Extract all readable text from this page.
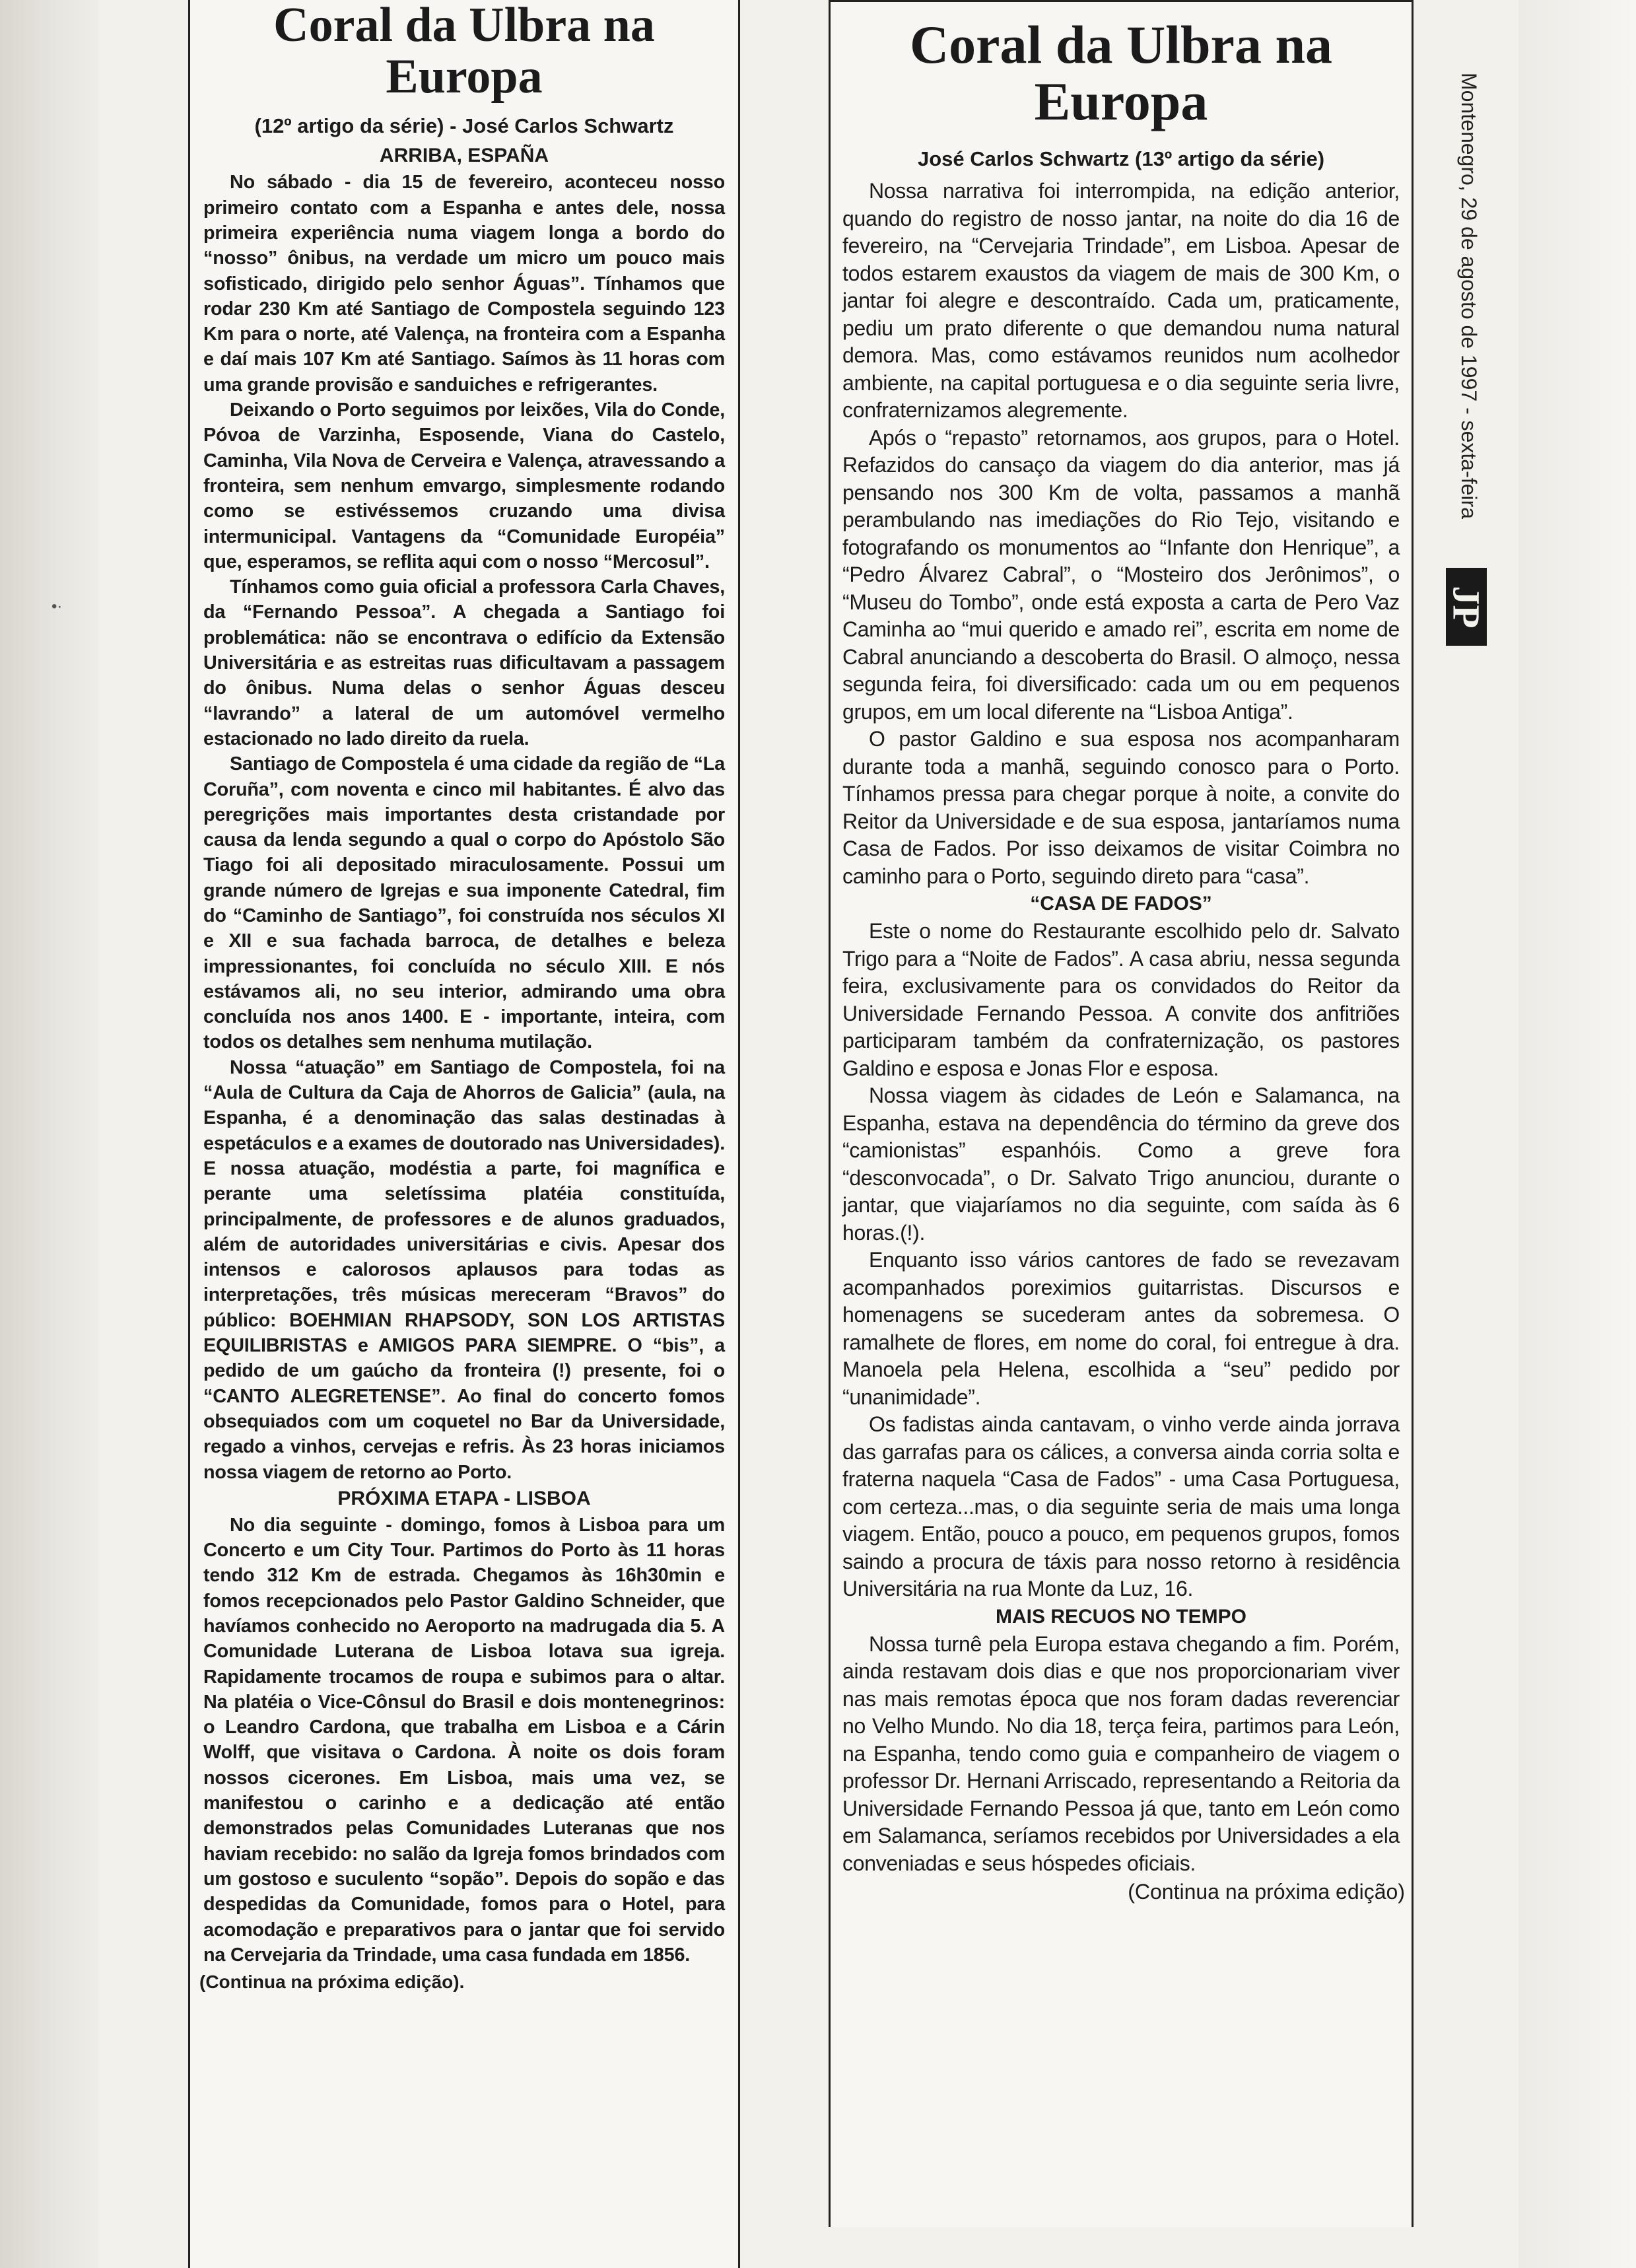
•·
Coral da Ulbra na Europa
(12º artigo da série) - José Carlos Schwartz
ARRIBA, ESPAÑA

No sábado - dia 15 de fevereiro, aconteceu nosso primeiro contato com a Espanha e antes dele, nossa primeira experiência numa viagem longa a bordo do “nosso” ônibus, na verdade um micro um pouco mais sofisticado, dirigido pelo senhor Águas”. Tínhamos que rodar 230 Km até Santiago de Compostela seguindo 123 Km para o norte, até Valença, na fronteira com a Espanha e daí mais 107 Km até Santiago. Saímos às 11 horas com uma grande provisão e sanduiches e refrigerantes.

Deixando o Porto seguimos por leixões, Vila do Conde, Póvoa de Varzinha, Esposende, Viana do Castelo, Caminha, Vila Nova de Cerveira e Valença, atravessando a fronteira, sem nenhum emvargo, simplesmente rodando como se estivéssemos cruzando uma divisa intermunicipal. Vantagens da “Comunidade Européia” que, esperamos, se reflita aqui com o nosso “Mercosul”.

Tínhamos como guia oficial a professora Carla Chaves, da “Fernando Pessoa”. A chegada a Santiago foi problemática: não se encontrava o edifício da Extensão Universitária e as estreitas ruas dificultavam a passagem do ônibus. Numa delas o senhor Águas desceu “lavrando” a lateral de um automóvel vermelho estacionado no lado direito da ruela.

Santiago de Compostela é uma cidade da região de “La Coruña”, com noventa e cinco mil habitantes. É alvo das peregrições mais importantes desta cristandade por causa da lenda segundo a qual o corpo do Apóstolo São Tiago foi ali depositado miraculosamente. Possui um grande número de Igrejas e sua imponente Catedral, fim do “Caminho de Santiago”, foi construída nos séculos XI e XII e sua fachada barroca, de detalhes e beleza impressionantes, foi concluída no século XIII. E nós estávamos ali, no seu interior, admirando uma obra concluída nos anos 1400. E - importante, inteira, com todos os detalhes sem nenhuma mutilação.

Nossa “atuação” em Santiago de Compostela, foi na “Aula de Cultura da Caja de Ahorros de Galicia” (aula, na Espanha, é a denominação das salas destinadas à espetáculos e a exames de doutorado nas Universidades). E nossa atuação, modéstia a parte, foi magnífica e perante uma seletíssima platéia constituída, principalmente, de professores e de alunos graduados, além de autoridades universitárias e civis. Apesar dos intensos e calorosos aplausos para todas as interpretações, três músicas mereceram “Bravos” do público: BOEHMIAN RHAPSODY, SON LOS ARTISTAS EQUILIBRISTAS e AMIGOS PARA SIEMPRE. O “bis”, a pedido de um gaúcho da fronteira (!) presente, foi o “CANTO ALEGRETENSE”. Ao final do concerto fomos obsequiados com um coquetel no Bar da Universidade, regado a vinhos, cervejas e refris. Às 23 horas iniciamos nossa viagem de retorno ao Porto.

PRÓXIMA ETAPA - LISBOA

No dia seguinte - domingo, fomos à Lisboa para um Concerto e um City Tour. Partimos do Porto às 11 horas tendo 312 Km de estrada. Chegamos às 16h30min e fomos recepcionados pelo Pastor Galdino Schneider, que havíamos conhecido no Aeroporto na madrugada dia 5. A Comunidade Luterana de Lisboa lotava sua igreja. Rapidamente trocamos de roupa e subimos para o altar. Na platéia o Vice-Cônsul do Brasil e dois montenegrinos: o Leandro Cardona, que trabalha em Lisboa e a Cárin Wolff, que visitava o Cardona. À noite os dois foram nossos cicerones. Em Lisboa, mais uma vez, se manifestou o carinho e a dedicação até então demonstrados pelas Comunidades Luteranas que nos haviam recebido: no salão da Igreja fomos brindados com um gostoso e suculento “sopão”. Depois do sopão e das despedidas da Comunidade, fomos para o Hotel, para acomodação e preparativos para o jantar que foi servido na Cervejaria da Trindade, uma casa fundada em 1856.

(Continua na próxima edição).
Coral da Ulbra na Europa
José Carlos Schwartz (13º artigo da série)

Nossa narrativa foi interrompida, na edição anterior, quando do registro de nosso jantar, na noite do dia 16 de fevereiro, na “Cervejaria Trindade”, em Lisboa. Apesar de todos estarem exaustos da viagem de mais de 300 Km, o jantar foi alegre e descontraído. Cada um, praticamente, pediu um prato diferente o que demandou numa natural demora. Mas, como estávamos reunidos num acolhedor ambiente, na capital portuguesa e o dia seguinte seria livre, confraternizamos alegremente.

Após o “repasto” retornamos, aos grupos, para o Hotel. Refazidos do cansaço da viagem do dia anterior, mas já pensando nos 300 Km de volta, passamos a manhã perambulando nas imediações do Rio Tejo, visitando e fotografando os monumentos ao “Infante don Henrique”, a “Pedro Álvarez Cabral”, o “Mosteiro dos Jerônimos”, o “Museu do Tombo”, onde está exposta a carta de Pero Vaz Caminha ao “mui querido e amado rei”, escrita em nome de Cabral anunciando a descoberta do Brasil. O almoço, nessa segunda feira, foi diversificado: cada um ou em pequenos grupos, em um local diferente na “Lisboa Antiga”.

O pastor Galdino e sua esposa nos acompanharam durante toda a manhã, seguindo conosco para o Porto. Tínhamos pressa para chegar porque à noite, a convite do Reitor da Universidade e de sua esposa, jantaríamos numa Casa de Fados. Por isso deixamos de visitar Coimbra no caminho para o Porto, seguindo direto para “casa”.

“CASA DE FADOS”

Este o nome do Restaurante escolhido pelo dr. Salvato Trigo para a “Noite de Fados”. A casa abriu, nessa segunda feira, exclusivamente para os convidados do Reitor da Universidade Fernando Pessoa. A convite dos anfitriões participaram também da confraternização, os pastores Galdino e esposa e Jonas Flor e esposa.

Nossa viagem às cidades de León e Salamanca, na Espanha, estava na dependência do término da greve dos “camionistas” espanhóis. Como a greve fora “desconvocada”, o Dr. Salvato Trigo anunciou, durante o jantar, que viajaríamos no dia seguinte, com saída às 6 horas.(!).

Enquanto isso vários cantores de fado se revezavam acompanhados poreximios guitarristas. Discursos e homenagens se sucederam antes da sobremesa. O ramalhete de flores, em nome do coral, foi entregue à dra. Manoela pela Helena, escolhida a “seu” pedido por “unanimidade”.

Os fadistas ainda cantavam, o vinho verde ainda jorrava das garrafas para os cálices, a conversa ainda corria solta e fraterna naquela “Casa de Fados” - uma Casa Portuguesa, com certeza...mas, o dia seguinte seria de mais uma longa viagem. Então, pouco a pouco, em pequenos grupos, fomos saindo a procura de táxis para nosso retorno à residência Universitária na rua Monte da Luz, 16.

MAIS RECUOS NO TEMPO

Nossa turnê pela Europa estava chegando a fim. Porém, ainda restavam dois dias e que nos proporcionariam viver nas mais remotas época que nos foram dadas reverenciar no Velho Mundo. No dia 18, terça feira, partimos para León, na Espanha, tendo como guia e companheiro de viagem o professor Dr. Hernani Arriscado, representando a Reitoria da Universidade Fernando Pessoa já que, tanto em León como em Salamanca, seríamos recebidos por Universidades a ela conveniadas e seus hóspedes oficiais.

(Continua na próxima edição)
Montenegro, 29 de agosto de 1997 - sexta-feira
JP
